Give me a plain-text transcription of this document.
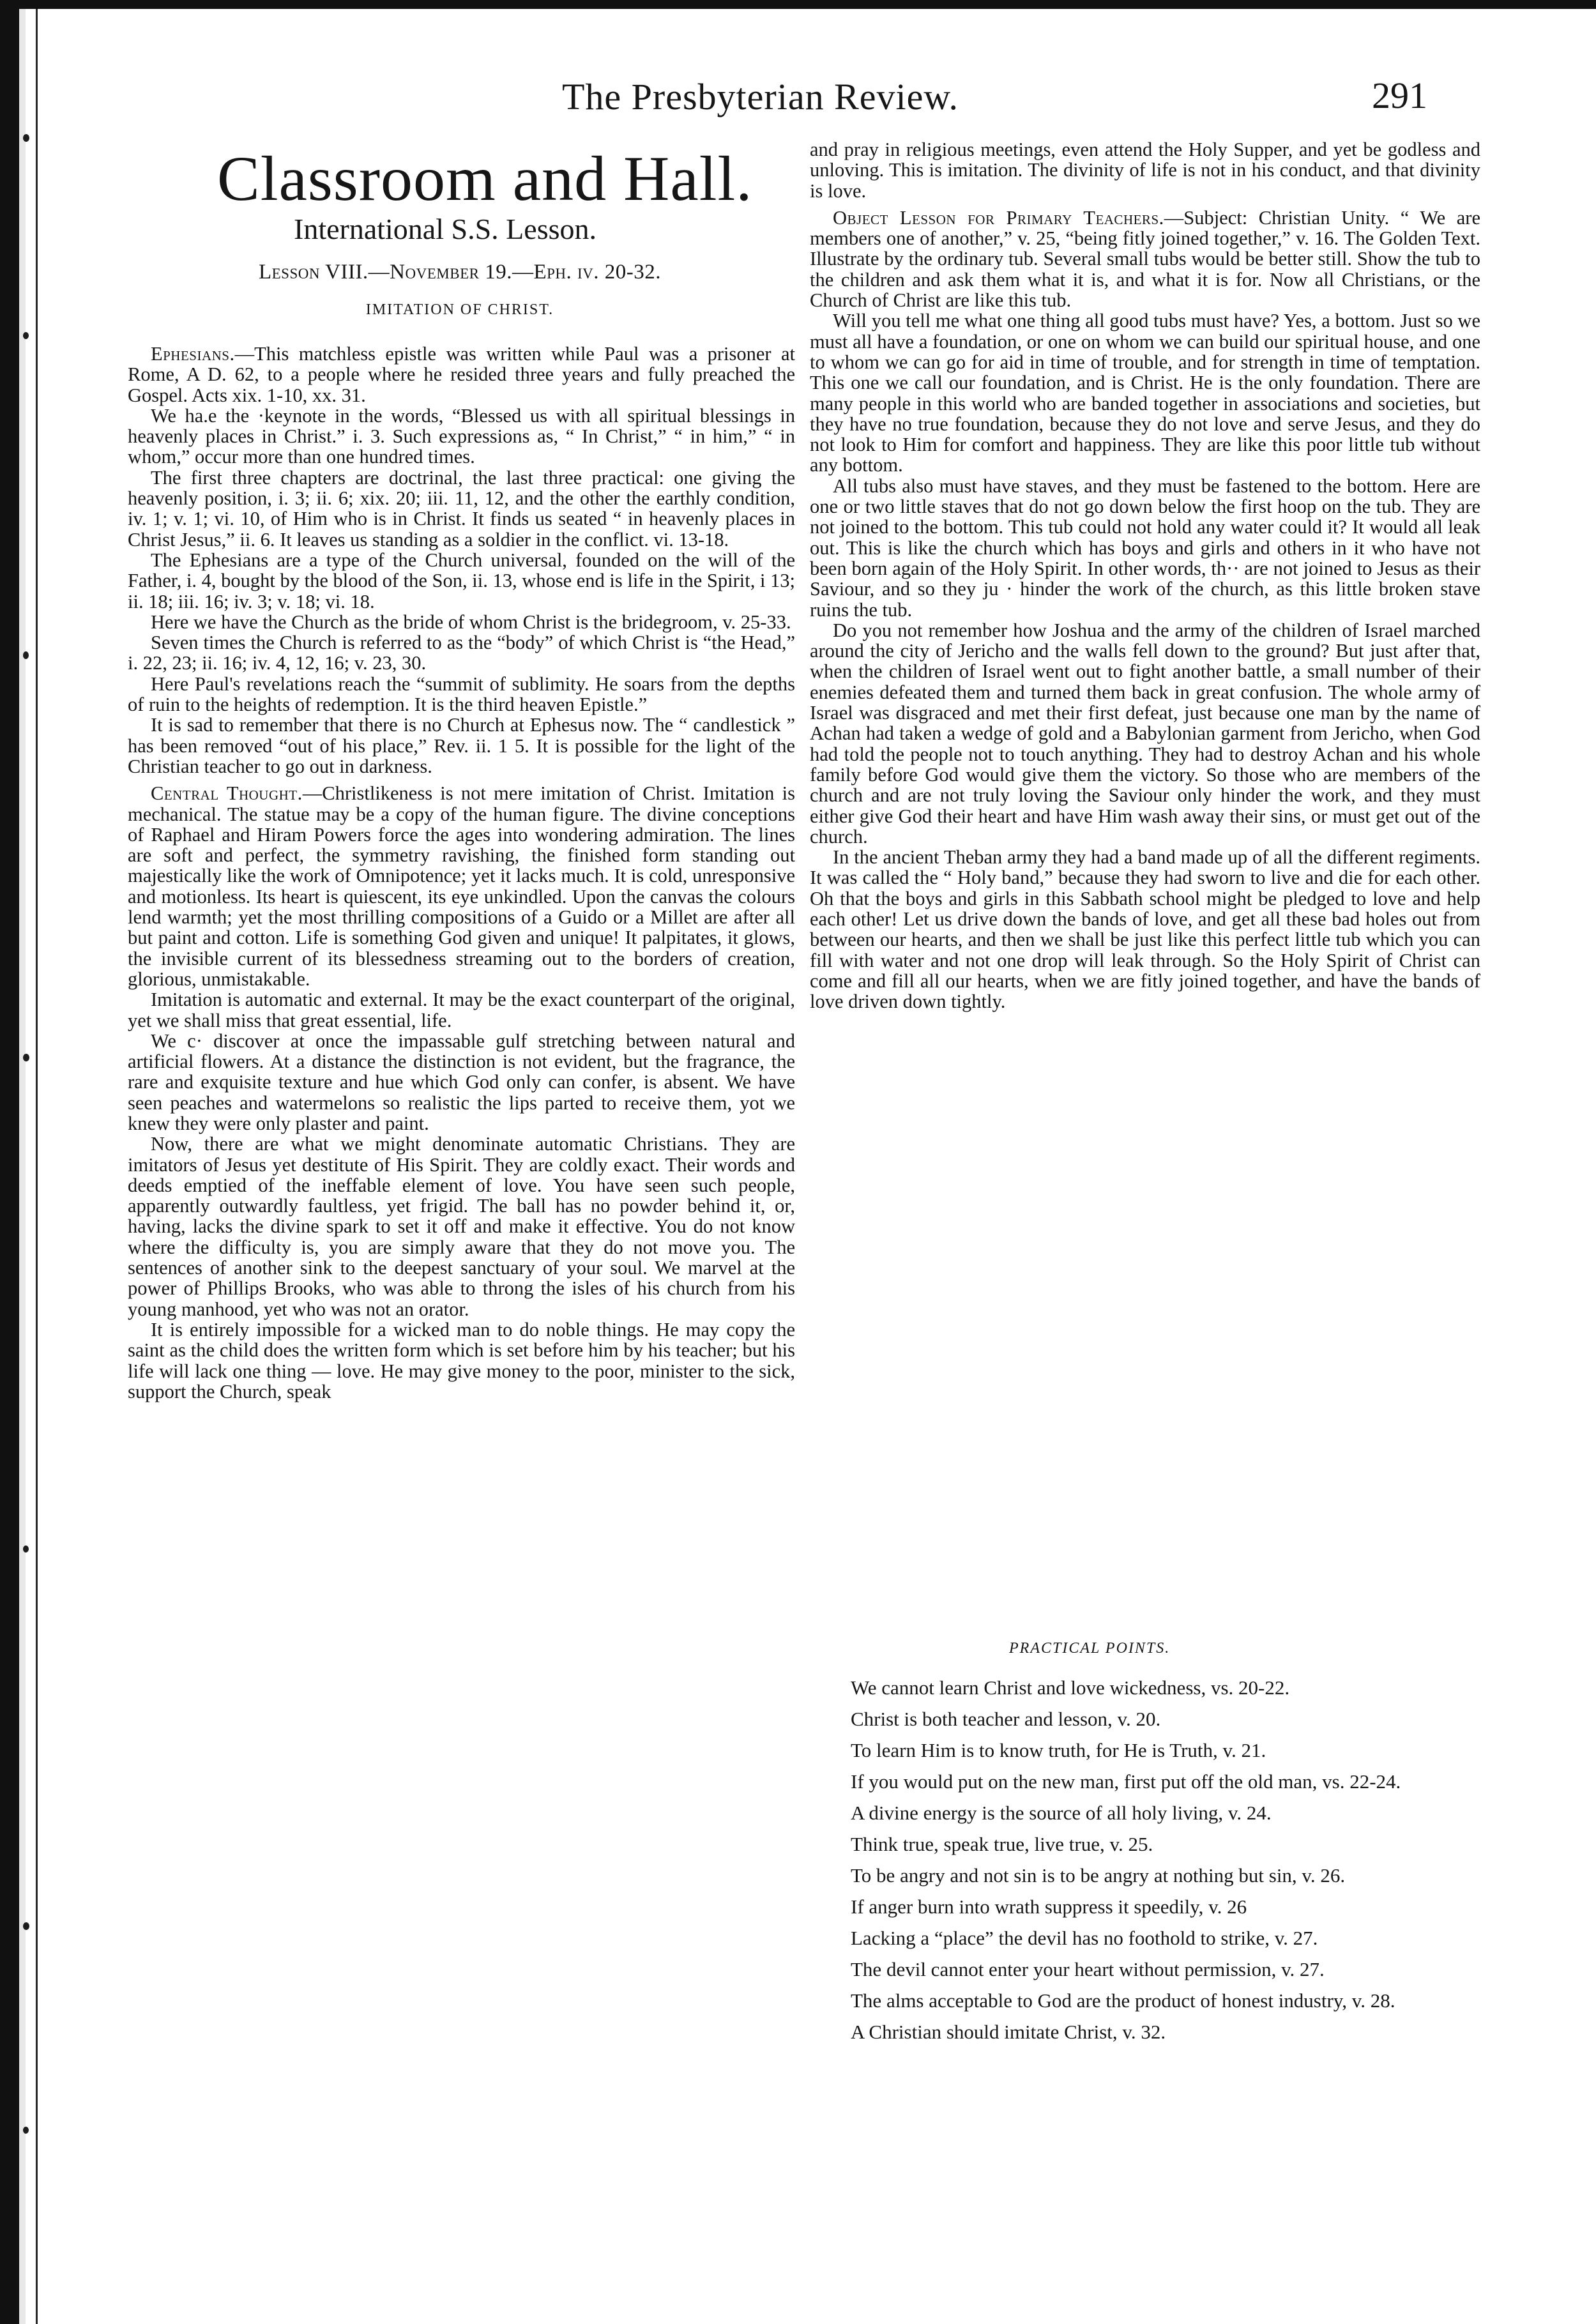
The Presbyterian Review.	291
Classroom and Hall.
International S.S. Lesson.
Lesson VIII.—November 19.—Eph. iv. 20-32.
IMITATION OF CHRIST.

Ephesians.—This matchless epistle was written while Paul was a prisoner at Rome, A D. 62, to a people where he resided three years and fully preached the Gospel. Acts xix. 1-10, xx. 31.

We ha.e the ·keynote in the words, “Blessed us with all spiritual blessings in heavenly places in Christ.” i. 3. Such expressions as, “ In Christ,” “ in him,” “ in whom,” occur more than one hundred times.

The first three chapters are doctrinal, the last three practical: one giving the heavenly position, i. 3; ii. 6; xix. 20; iii. 11, 12, and the other the earthly condition, iv. 1; v. 1; vi. 10, of Him who is in Christ. It finds us seated “ in heavenly places in Christ Jesus,” ii. 6. It leaves us standing as a soldier in the conflict. vi. 13-18.

The Ephesians are a type of the Church universal, founded on the will of the Father, i. 4, bought by the blood of the Son, ii. 13, whose end is life in the Spirit, i 13; ii. 18; iii. 16; iv. 3; v. 18; vi. 18.

Here we have the Church as the bride of whom Christ is the bridegroom, v. 25-33.

Seven times the Church is referred to as the “body” of which Christ is “the Head,” i. 22, 23; ii. 16; iv. 4, 12, 16; v. 23, 30.

Here Paul's revelations reach the “summit of sublimity. He soars from the depths of ruin to the heights of redemption. It is the third heaven Epistle.”

It is sad to remember that there is no Church at Ephesus now. The “ candlestick ” has been removed “out of his place,” Rev. ii. 1 5. It is possible for the light of the Christian teacher to go out in darkness.

Central Thought.—Christlikeness is not mere imitation of Christ. Imitation is mechanical. The statue may be a copy of the human figure. The divine conceptions of Raphael and Hiram Powers force the ages into wondering admiration. The lines are soft and perfect, the symmetry ravishing, the finished form standing out majestically like the work of Omnipotence; yet it lacks much. It is cold, unresponsive and motionless. Its heart is quiescent, its eye unkindled. Upon the canvas the colours lend warmth; yet the most thrilling compositions of a Guido or a Millet are after all but paint and cotton. Life is something God given and unique! It palpitates, it glows, the invisible current of its blessedness streaming out to the borders of creation, glorious, unmistakable.

Imitation is automatic and external. It may be the exact counterpart of the original, yet we shall miss that great essential, life.

We c· discover at once the impassable gulf stretching between natural and artificial flowers. At a distance the distinction is not evident, but the fragrance, the rare and exquisite texture and hue which God only can confer, is absent. We have seen peaches and watermelons so realistic the lips parted to receive them, yot we knew they were only plaster and paint.

Now, there are what we might denominate automatic Christians. They are imitators of Jesus yet destitute of His Spirit. They are coldly exact. Their words and deeds emptied of the ineffable element of love. You have seen such people, apparently outwardly faultless, yet frigid. The ball has no powder behind it, or, having, lacks the divine spark to set it off and make it effective. You do not know where the difficulty is, you are simply aware that they do not move you. The sentences of another sink to the deepest sanctuary of your soul. We marvel at the power of Phillips Brooks, who was able to throng the isles of his church from his young manhood, yet who was not an orator.

It is entirely impossible for a wicked man to do noble things. He may copy the saint as the child does the written form which is set before him by his teacher; but his life will lack one thing — love. He may give money to the poor, minister to the sick, support the Church, speak

and pray in religious meetings, even attend the Holy Supper, and yet be godless and unloving. This is imitation. The divinity of life is not in his conduct, and that divinity is love.

Object Lesson for Primary Teachers.—Subject: Christian Unity. “ We are members one of another,” v. 25, “being fitly joined together,” v. 16. The Golden Text. Illustrate by the ordinary tub. Several small tubs would be better still. Show the tub to the children and ask them what it is, and what it is for. Now all Christians, or the Church of Christ are like this tub.

Will you tell me what one thing all good tubs must have? Yes, a bottom. Just so we must all have a foundation, or one on whom we can build our spiritual house, and one to whom we can go for aid in time of trouble, and for strength in time of temptation. This one we call our foundation, and is Christ. He is the only foundation. There are many people in this world who are banded together in associations and societies, but they have no true foundation, because they do not love and serve Jesus, and they do not look to Him for comfort and happiness. They are like this poor little tub without any bottom.

All tubs also must have staves, and they must be fastened to the bottom. Here are one or two little staves that do not go down below the first hoop on the tub. They are not joined to the bottom. This tub could not hold any water could it? It would all leak out. This is like the church which has boys and girls and others in it who have not been born again of the Holy Spirit. In other words, th·· are not joined to Jesus as their Saviour, and so they ju · hinder the work of the church, as this little broken stave ruins the tub.

Do you not remember how Joshua and the army of the children of Israel marched around the city of Jericho and the walls fell down to the ground? But just after that, when the children of Israel went out to fight another battle, a small number of their enemies defeated them and turned them back in great confusion. The whole army of Israel was disgraced and met their first defeat, just because one man by the name of Achan had taken a wedge of gold and a Babylonian garment from Jericho, when God had told the people not to touch anything. They had to destroy Achan and his whole family before God would give them the victory. So those who are members of the church and are not truly loving the Saviour only hinder the work, and they must either give God their heart and have Him wash away their sins, or must get out of the church.

In the ancient Theban army they had a band made up of all the different regiments. It was called the “ Holy band,” because they had sworn to live and die for each other. Oh that the boys and girls in this Sabbath school might be pledged to love and help each other! Let us drive down the bands of love, and get all these bad holes out from between our hearts, and then we shall be just like this perfect little tub which you can fill with water and not one drop will leak through. So the Holy Spirit of Christ can come and fill all our hearts, when we are fitly joined together, and have the bands of love driven down tightly.

PRACTICAL POINTS.

We cannot learn Christ and love wickedness, vs. 20-22.

Christ is both teacher and lesson, v. 20.

To learn Him is to know truth, for He is Truth, v. 21.

If you would put on the new man, first put off the old man, vs. 22-24.

A divine energy is the source of all holy living, v. 24.

Think true, speak true, live true, v. 25.

To be angry and not sin is to be angry at nothing but sin, v. 26.

If anger burn into wrath suppress it speedily, v. 26

Lacking a “place” the devil has no foothold to strike, v. 27.

The devil cannot enter your heart without permission, v. 27.

The alms acceptable to God are the product of honest industry, v. 28.

A Christian should imitate Christ, v. 32.
